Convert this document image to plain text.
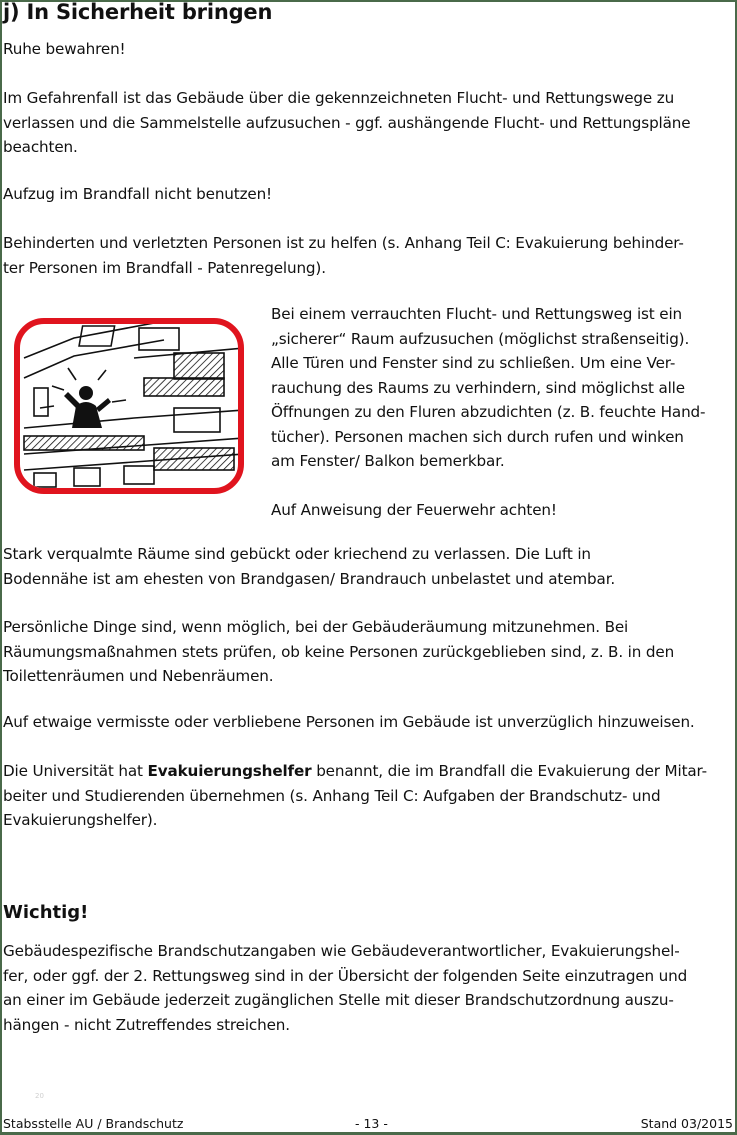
j) In Sicherheit bringen

Ruhe bewahren!

Im Gefahrenfall ist das Gebäude über die gekennzeichneten Flucht- und Rettungswege zu
verlassen und die Sammelstelle aufzusuchen - ggf. aushängende Flucht- und Rettungspläne
beachten.

Aufzug im Brandfall nicht benutzen!

Behinderten und verletzten Personen ist zu helfen (s. Anhang Teil C: Evakuierung behinder-
ter Personen im Brandfall - Patenregelung).

Bei einem verrauchten Flucht- und Rettungsweg ist ein
„sicherer“ Raum aufzusuchen (möglichst straßenseitig).
Alle Türen und Fenster sind zu schließen. Um eine Ver-
rauchung des Raums zu verhindern, sind möglichst alle
Öffnungen zu den Fluren abzudichten (z. B. feuchte Hand-
tücher). Personen machen sich durch rufen und winken
am Fenster/ Balkon bemerkbar.

Auf Anweisung der Feuerwehr achten!

Stark verqualmte Räume sind gebückt oder kriechend zu verlassen. Die Luft in
Bodennähe ist am ehesten von Brandgasen/ Brandrauch unbelastet und atembar.

Persönliche Dinge sind, wenn möglich, bei der Gebäuderäumung mitzunehmen. Bei
Räumungsmaßnahmen stets prüfen, ob keine Personen zurückgeblieben sind, z. B. in den
Toilettenräumen und Nebenräumen.

Auf etwaige vermisste oder verbliebene Personen im Gebäude ist unverzüglich hinzuweisen.

Die Universität hat Evakuierungshelfer benannt, die im Brandfall die Evakuierung der Mitar-
beiter und Studierenden übernehmen (s. Anhang Teil C: Aufgaben der Brandschutz- und
Evakuierungshelfer).

Wichtig!

Gebäudespezifische Brandschutzangaben wie Gebäudeverantwortlicher, Evakuierungshel-
fer, oder ggf. der 2. Rettungsweg sind in der Übersicht der folgenden Seite einzutragen und
an einer im Gebäude jederzeit zugänglichen Stelle mit dieser Brandschutzordnung auszu-
hängen - nicht Zutreffendes streichen.

20
Stabsstelle AU / Brandschutz	- 13 -	Stand 03/2015
